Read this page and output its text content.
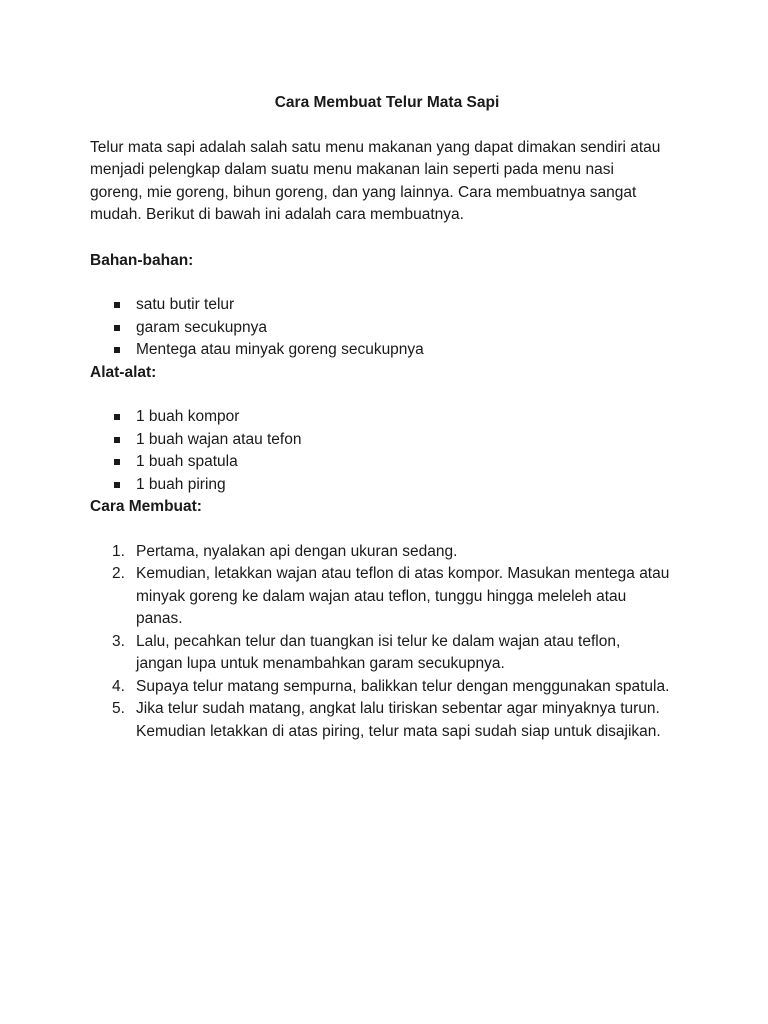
Cara Membuat Telur Mata Sapi

Telur mata sapi adalah salah satu menu makanan yang dapat dimakan sendiri atau menjadi pelengkap dalam suatu menu makanan lain seperti pada menu nasi goreng, mie goreng, bihun goreng, dan yang lainnya. Cara membuatnya sangat mudah. Berikut di bawah ini adalah cara membuatnya.

Bahan-bahan:

satu butir telur
garam secukupnya
Mentega atau minyak goreng secukupnya

Alat-alat:

1 buah kompor
1 buah wajan atau tefon
1 buah spatula
1 buah piring

Cara Membuat:

1. Pertama, nyalakan api dengan ukuran sedang.
2. Kemudian, letakkan wajan atau teflon di atas kompor. Masukan mentega atau minyak goreng ke dalam wajan atau teflon, tunggu hingga meleleh atau panas.
3. Lalu, pecahkan telur dan tuangkan isi telur ke dalam wajan atau teflon, jangan lupa untuk menambahkan garam secukupnya.
4. Supaya telur matang sempurna, balikkan telur dengan menggunakan spatula.
5. Jika telur sudah matang, angkat lalu tiriskan sebentar agar minyaknya turun. Kemudian letakkan di atas piring, telur mata sapi sudah siap untuk disajikan.
